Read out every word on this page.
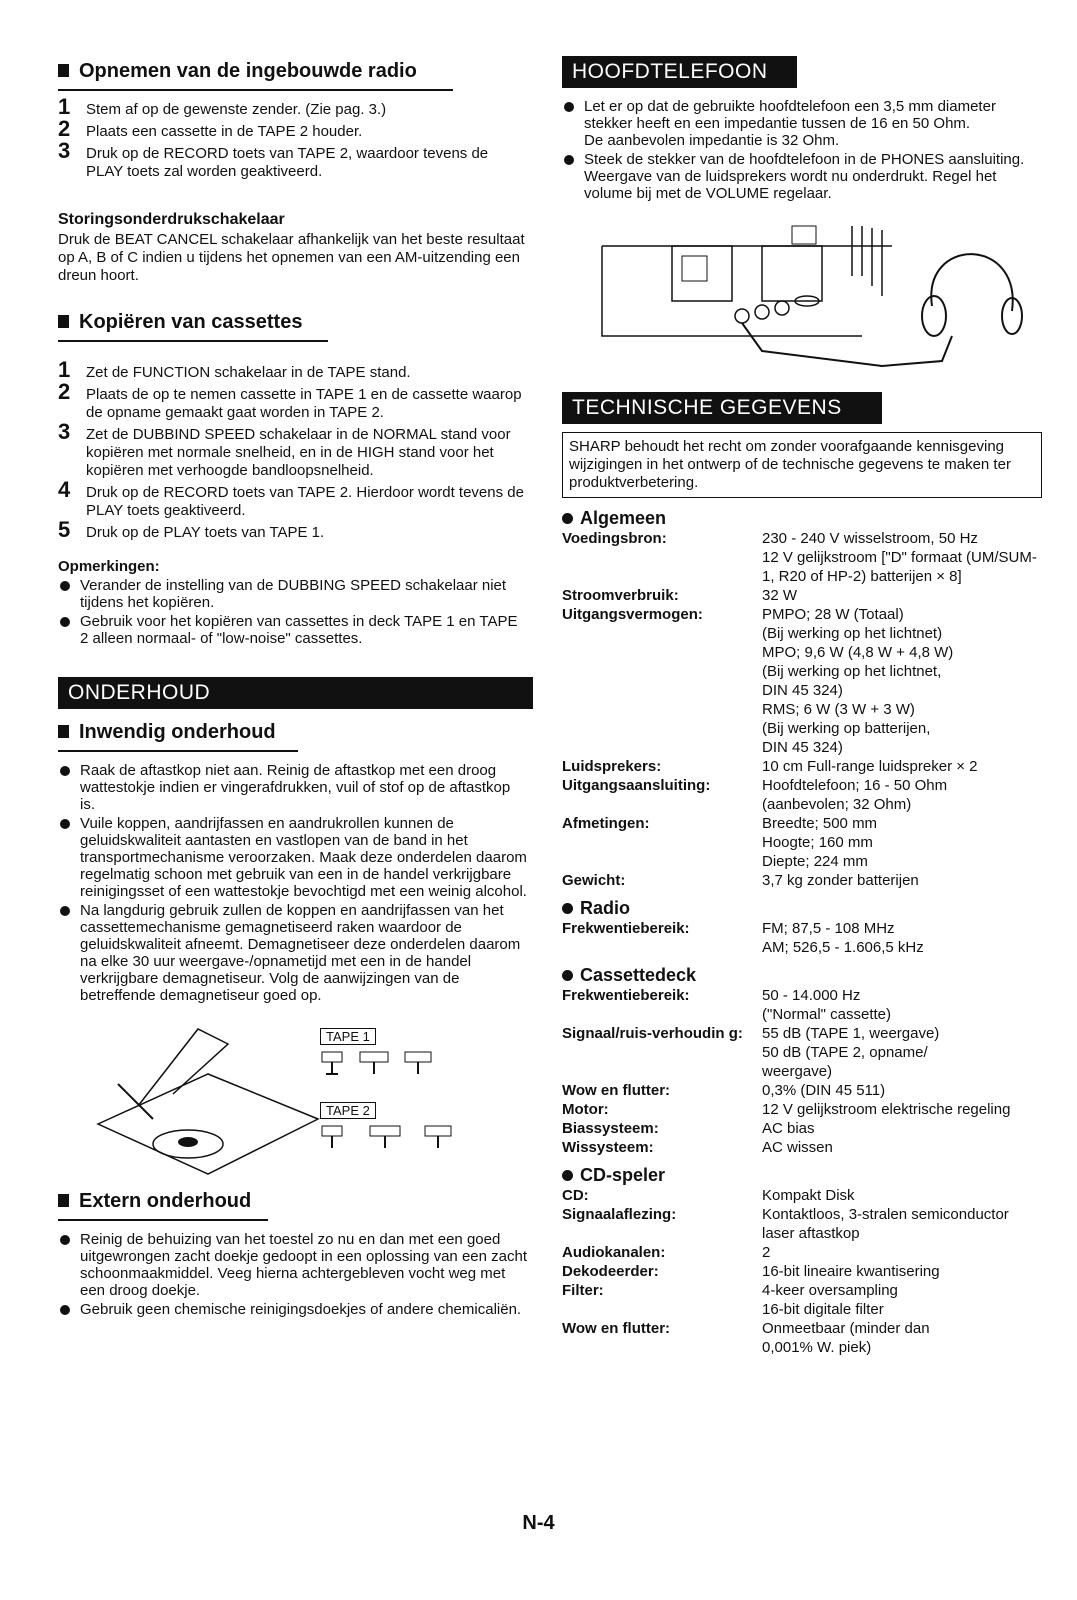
Opnemen van de ingebouwde radio
1 Stem af op de gewenste zender. (Zie pag. 3.)
2 Plaats een cassette in de TAPE 2 houder.
3 Druk op de RECORD toets van TAPE 2, waardoor tevens de PLAY toets zal worden geaktiveerd.
Storingsonderdrukschakelaar
Druk de BEAT CANCEL schakelaar afhankelijk van het beste resultaat op A, B of C indien u tijdens het opnemen van een AM-uitzending een dreun hoort.
Kopiëren van cassettes
1 Zet de FUNCTION schakelaar in de TAPE stand.
2 Plaats de op te nemen cassette in TAPE 1 en de cassette waarop de opname gemaakt gaat worden in TAPE 2.
3 Zet de DUBBIND SPEED schakelaar in de NORMAL stand voor kopiëren met normale snelheid, en in de HIGH stand voor het kopiëren met verhoogde bandloopsnelheid.
4 Druk op de RECORD toets van TAPE 2. Hierdoor wordt tevens de PLAY toets geaktiveerd.
5 Druk op de PLAY toets van TAPE 1.
Opmerkingen:
Verander de instelling van de DUBBING SPEED schakelaar niet tijdens het kopiëren.
Gebruik voor het kopiëren van cassettes in deck TAPE 1 en TAPE 2 alleen normaal- of "low-noise" cassettes.
ONDERHOUD
Inwendig onderhoud
Raak de aftastkop niet aan. Reinig de aftastkop met een droog wattestokje indien er vingerafdrukken, vuil of stof op de aftastkop is.
Vuile koppen, aandrijfassen en aandrukrollen kunnen de geluidskwaliteit aantasten en vastlopen van de band in het transportmechanisme veroorzaken. Maak deze onderdelen daarom regelmatig schoon met gebruik van een in de handel verkrijgbare reinigingsset of een wattestokje bevochtigd met een weinig alcohol.
Na langdurig gebruik zullen de koppen en aandrijfassen van het cassettemechanisme gemagnetiseerd raken waardoor de geluidskwaliteit afneemt. Demagnetiseer deze onderdelen daarom na elke 30 uur weergave-/opnametijd met een in de handel verkrijgbare demagnetiseur. Volg de aanwijzingen van de betreffende demagnetiseur goed op.
TAPE 1
TAPE 2
Extern onderhoud
Reinig de behuizing van het toestel zo nu en dan met een goed uitgewrongen zacht doekje gedoopt in een oplossing van een zacht schoonmaakmiddel. Veeg hierna achtergebleven vocht weg met een droog doekje.
Gebruik geen chemische reinigingsdoekjes of andere chemicaliën.
HOOFDTELEFOON
Let er op dat de gebruikte hoofdtelefoon een 3,5 mm diameter stekker heeft en een impedantie tussen de 16 en 50 Ohm.
De aanbevolen impedantie is 32 Ohm.
Steek de stekker van de hoofdtelefoon in de PHONES aansluiting. Weergave van de luidsprekers wordt nu onderdrukt. Regel het volume bij met de VOLUME regelaar.
TECHNISCHE GEGEVENS
SHARP behoudt het recht om zonder voorafgaande kennisgeving wijzigingen in het ontwerp of de technische gegevens te maken ter produktverbetering.
Algemeen
Voedingsbron:	230 - 240 V wisselstroom, 50 Hz
12 V gelijkstroom ["D" formaat (UM/SUM-1, R20 of HP-2) batterijen × 8]
Stroomverbruik:	32 W
Uitgangsvermogen:	PMPO; 28 W (Totaal)
(Bij werking op het lichtnet)
MPO; 9,6 W (4,8 W + 4,8 W)
(Bij werking op het lichtnet,
DIN 45 324)
RMS; 6 W (3 W + 3 W)
(Bij werking op batterijen,
DIN 45 324)
Luidsprekers:	10 cm Full-range luidspreker × 2
Uitgangsaansluiting:	Hoofdtelefoon; 16 - 50 Ohm
(aanbevolen; 32 Ohm)
Afmetingen:	Breedte; 500 mm
Hoogte; 160 mm
Diepte; 224 mm
Gewicht:	3,7 kg zonder batterijen
Radio
Frekwentiebereik:	FM; 87,5 - 108 MHz
AM; 526,5 - 1.606,5 kHz
Cassettedeck
Frekwentiebereik:	50 - 14.000 Hz
("Normal" cassette)
Signaal/ruis-verhoudin g:	55 dB (TAPE 1, weergave)
50 dB (TAPE 2, opname/
weergave)
Wow en flutter:	0,3% (DIN 45 511)
Motor:	12 V gelijkstroom elektrische regeling
Biassysteem:	AC bias
Wissysteem:	AC wissen
CD-speler
CD:	Kompakt Disk
Signaalaflezing:	Kontaktloos, 3-stralen semiconductor laser aftastkop
Audiokanalen:	2
Dekodeerder:	16-bit lineaire kwantisering
Filter:	4-keer oversampling
16-bit digitale filter
Wow en flutter:	Onmeetbaar (minder dan
0,001% W. piek)
N-4
